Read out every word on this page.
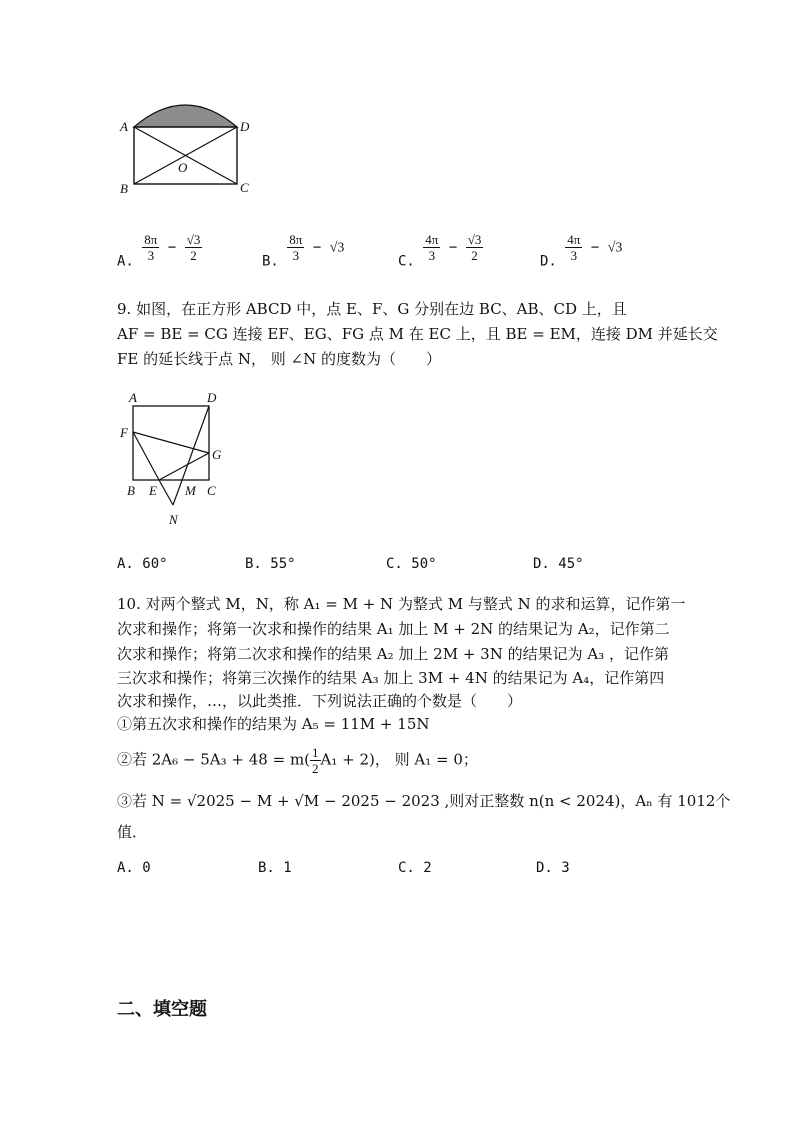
A	D
B	C
O
A. $\frac{8\pi}{3} - \frac{√3}{2}$	B. $\frac{8\pi}{3} - √3$
C. $\frac{4\pi}{3} - \frac{√3}{2}$	D. $\frac{4\pi}{3} - √3$
9. 如图，在正方形 ABCD 中，点 E、F、G 分别在边 BC、AB、CD 上，且
AF = BE = CG 连接 EF、EG、FG 点 M 在 EC 上，且 BE = EM，连接 DM 并延长交
FE 的延长线于点 N， 则 ∠N 的度数为（　　）
A	D
F
G
B E M C
N
A. 60°	B. 55°	C. 50°	D. 45°
10. 对两个整式 M，N，称 A₁ = M + N 为整式 M 与整式 N 的求和运算，记作第一
次求和操作；将第一次求和操作的结果 A₁ 加上 M + 2N 的结果记为 A₂，记作第二
次求和操作；将第二次求和操作的结果 A₂ 加上 2M + 3N 的结果记为 A₃ ，记作第
三次求和操作；将第三次操作的结果 A₃ 加上 3M + 4N 的结果记为 A₄，记作第四
次求和操作，…，以此类推．下列说法正确的个数是（　　）
①第五次求和操作的结果为 A₅ = 11M + 15N
②若 $2A_6 - 5A_3 + 48 = m( \frac{1}{2} A_1 + 2)$， 则 A₁ = 0；
③若 N = √2025 − M + √M − 2025 − 2023 ,则对正整数 n(n < 2024)，Aₙ 有 1012个
值．
A. 0	B. 1	C. 2	D. 3
二、填空题
